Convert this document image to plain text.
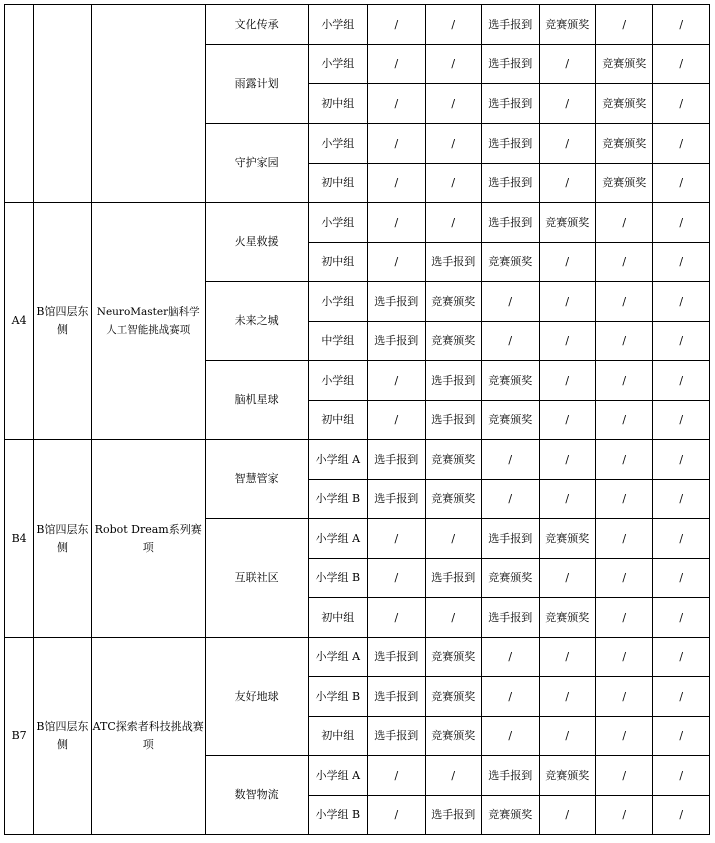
			文化传承	小学组	/	/	选手报到	竞赛颁奖	/	/
			雨露计划	小学组	/	/	选手报到	/	竞赛颁奖	/
				初中组	/	/	选手报到	/	竞赛颁奖	/
			守护家园	小学组	/	/	选手报到	/	竞赛颁奖	/
				初中组	/	/	选手报到	/	竞赛颁奖	/
A4	B馆四层东侧	NeuroMaster脑科学人工智能挑战赛项	火星救援	小学组	/	/	选手报到	竞赛颁奖	/	/
				初中组	/	选手报到	竞赛颁奖	/	/	/
			未来之城	小学组	选手报到	竞赛颁奖	/	/	/	/
				中学组	选手报到	竞赛颁奖	/	/	/	/
			脑机星球	小学组	/	选手报到	竞赛颁奖	/	/	/
				初中组	/	选手报到	竞赛颁奖	/	/	/
B4	B馆四层东侧	Robot Dream系列赛项	智慧管家	小学组 A	选手报到	竞赛颁奖	/	/	/	/
				小学组 B	选手报到	竞赛颁奖	/	/	/	/
			互联社区	小学组 A	/	/	选手报到	竞赛颁奖	/	/
				小学组 B	/	选手报到	竞赛颁奖	/	/	/
				初中组	/	/	选手报到	竞赛颁奖	/	/
B7	B馆四层东侧	ATC探索者科技挑战赛项	友好地球	小学组 A	选手报到	竞赛颁奖	/	/	/	/
				小学组 B	选手报到	竞赛颁奖	/	/	/	/
				初中组	选手报到	竞赛颁奖	/	/	/	/
			数智物流	小学组 A	/	/	选手报到	竞赛颁奖	/	/
				小学组 B	/	选手报到	竞赛颁奖	/	/	/
